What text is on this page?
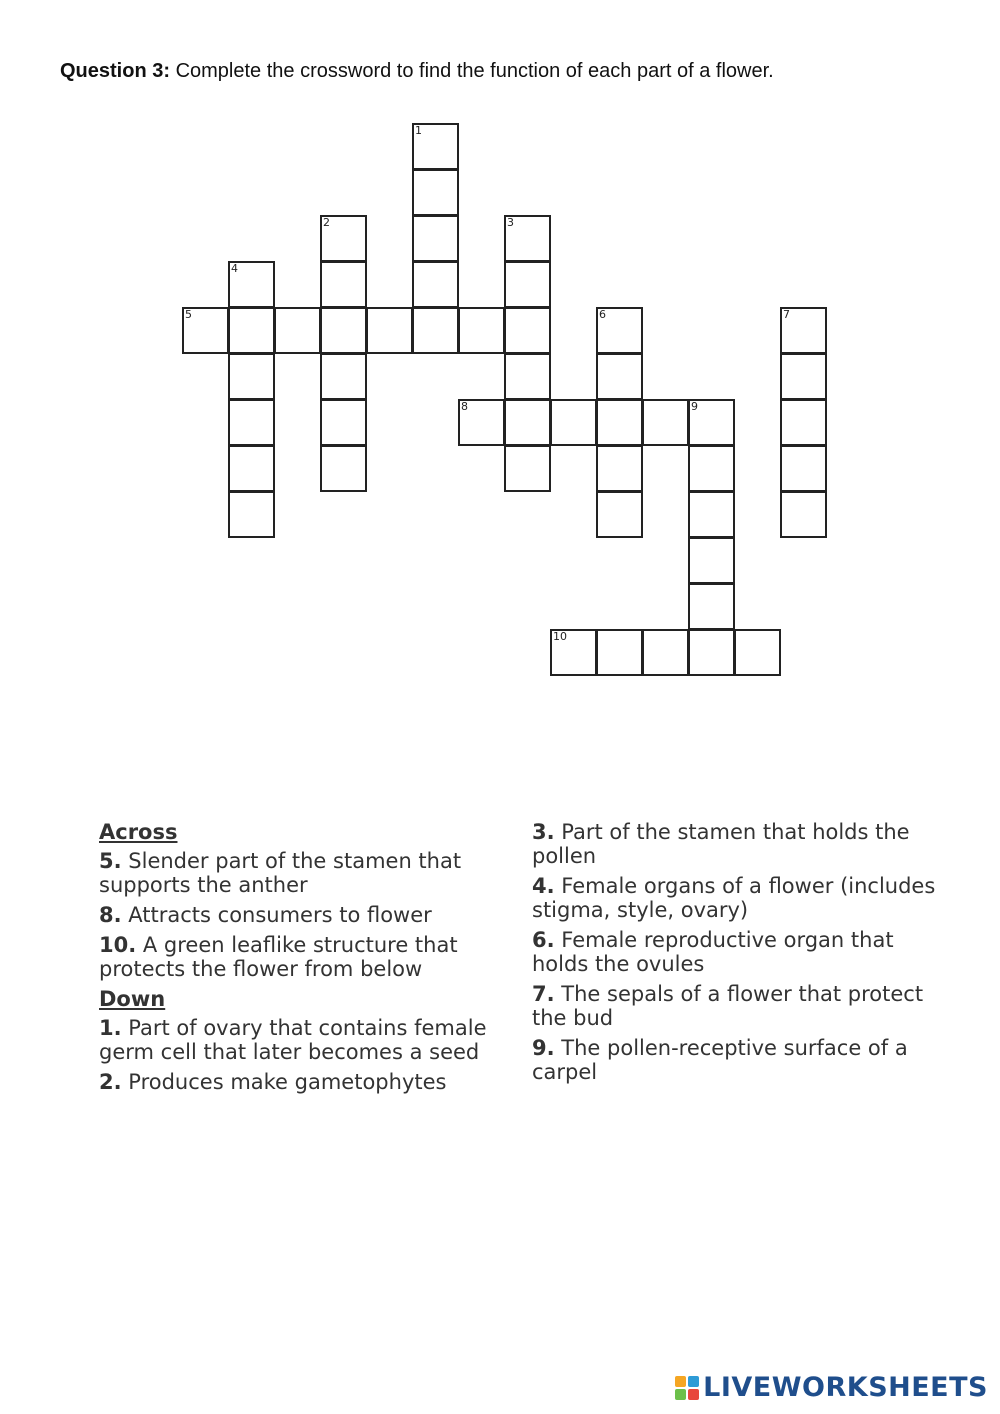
Question 3: Complete the crossword to find the function of each part of a flower.

1
2	3
4
5	6	7
8	9
10
Across
5. Slender part of the stamen that supports the anther
8. Attracts consumers to flower
10. A green leaflike structure that protects the flower from below
Down
1. Part of ovary that contains female germ cell that later becomes a seed
2. Produces make gametophytes
3. Part of the stamen that holds the pollen
4. Female organs of a flower (includes stigma, style, ovary)
6. Female reproductive organ that holds the ovules
7. The sepals of a flower that protect the bud
9. The pollen-receptive surface of a carpel
LIVEWORKSHEETS
